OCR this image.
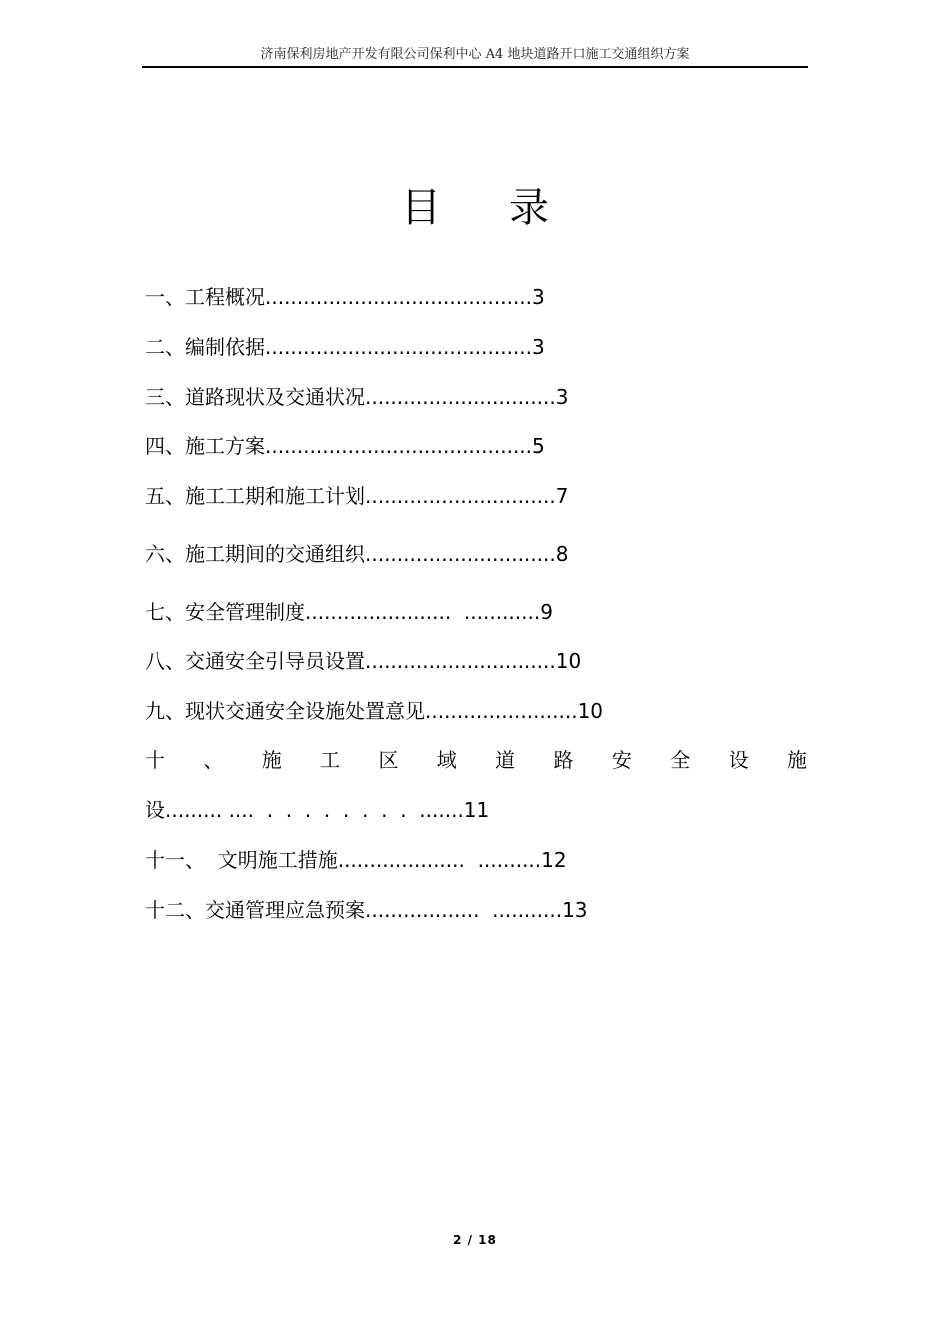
济南保利房地产开发有限公司保利中心 A4 地块道路开口施工交通组织方案
目录
一、工程概况..........................................3
二、编制依据..........................................3
三、道路现状及交通状况..............................3
四、施工方案..........................................5
五、施工工期和施工计划..............................7
六、施工期间的交通组织..............................8
七、安全管理制度.......................  ............9
八、交通安全引导员设置..............................10
九、现状交通安全设施处置意见........................10
十 、 施 工 区 域 道 路 安 全 设 施
设......... ....  .  .  .  .  .  .  .  .  .......11
十一、  文明施工措施....................  ..........12
十二、交通管理应急预案..................  ...........13
2 / 18
